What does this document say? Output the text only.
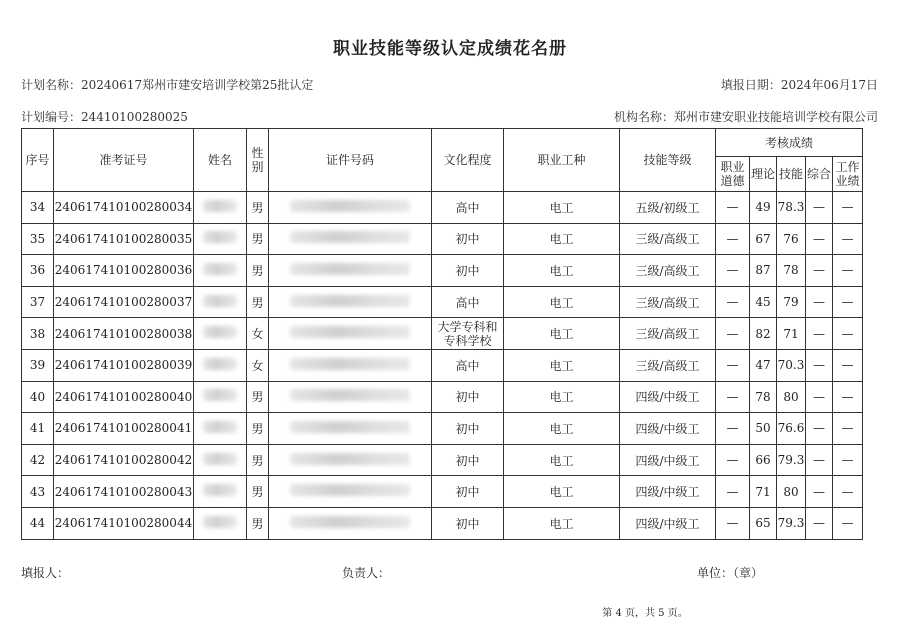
职业技能等级认定成绩花名册
计划名称：20240617郑州市建安培训学校第25批认定	填报日期：2024年06月17日
计划编号：24410100280025	机构名称：郑州市建安职业技能培训学校有限公司
序号	准考证号	姓名	性别	证件号码	文化程度	职业工种	技能等级	考核成绩				
								职业道德	理论	技能	综合	工作业绩
34	240617410100280034		男		高中	电工	五级/初级工	—	49	78.3	—	—
35	240617410100280035		男		初中	电工	三级/高级工	—	67	76	—	—
36	240617410100280036		男		初中	电工	三级/高级工	—	87	78	—	—
37	240617410100280037		男		高中	电工	三级/高级工	—	45	79	—	—
38	240617410100280038		女		大学专科和专科学校	电工	三级/高级工	—	82	71	—	—
39	240617410100280039		女		高中	电工	三级/高级工	—	47	70.3	—	—
40	240617410100280040		男		初中	电工	四级/中级工	—	78	80	—	—
41	240617410100280041		男		初中	电工	四级/中级工	—	50	76.6	—	—
42	240617410100280042		男		初中	电工	四级/中级工	—	66	79.3	—	—
43	240617410100280043		男		初中	电工	四级/中级工	—	71	80	—	—
44	240617410100280044		男		初中	电工	四级/中级工	—	65	79.3	—	—
填报人：	负责人：	单位：（章）
第 4 页，共 5 页。
